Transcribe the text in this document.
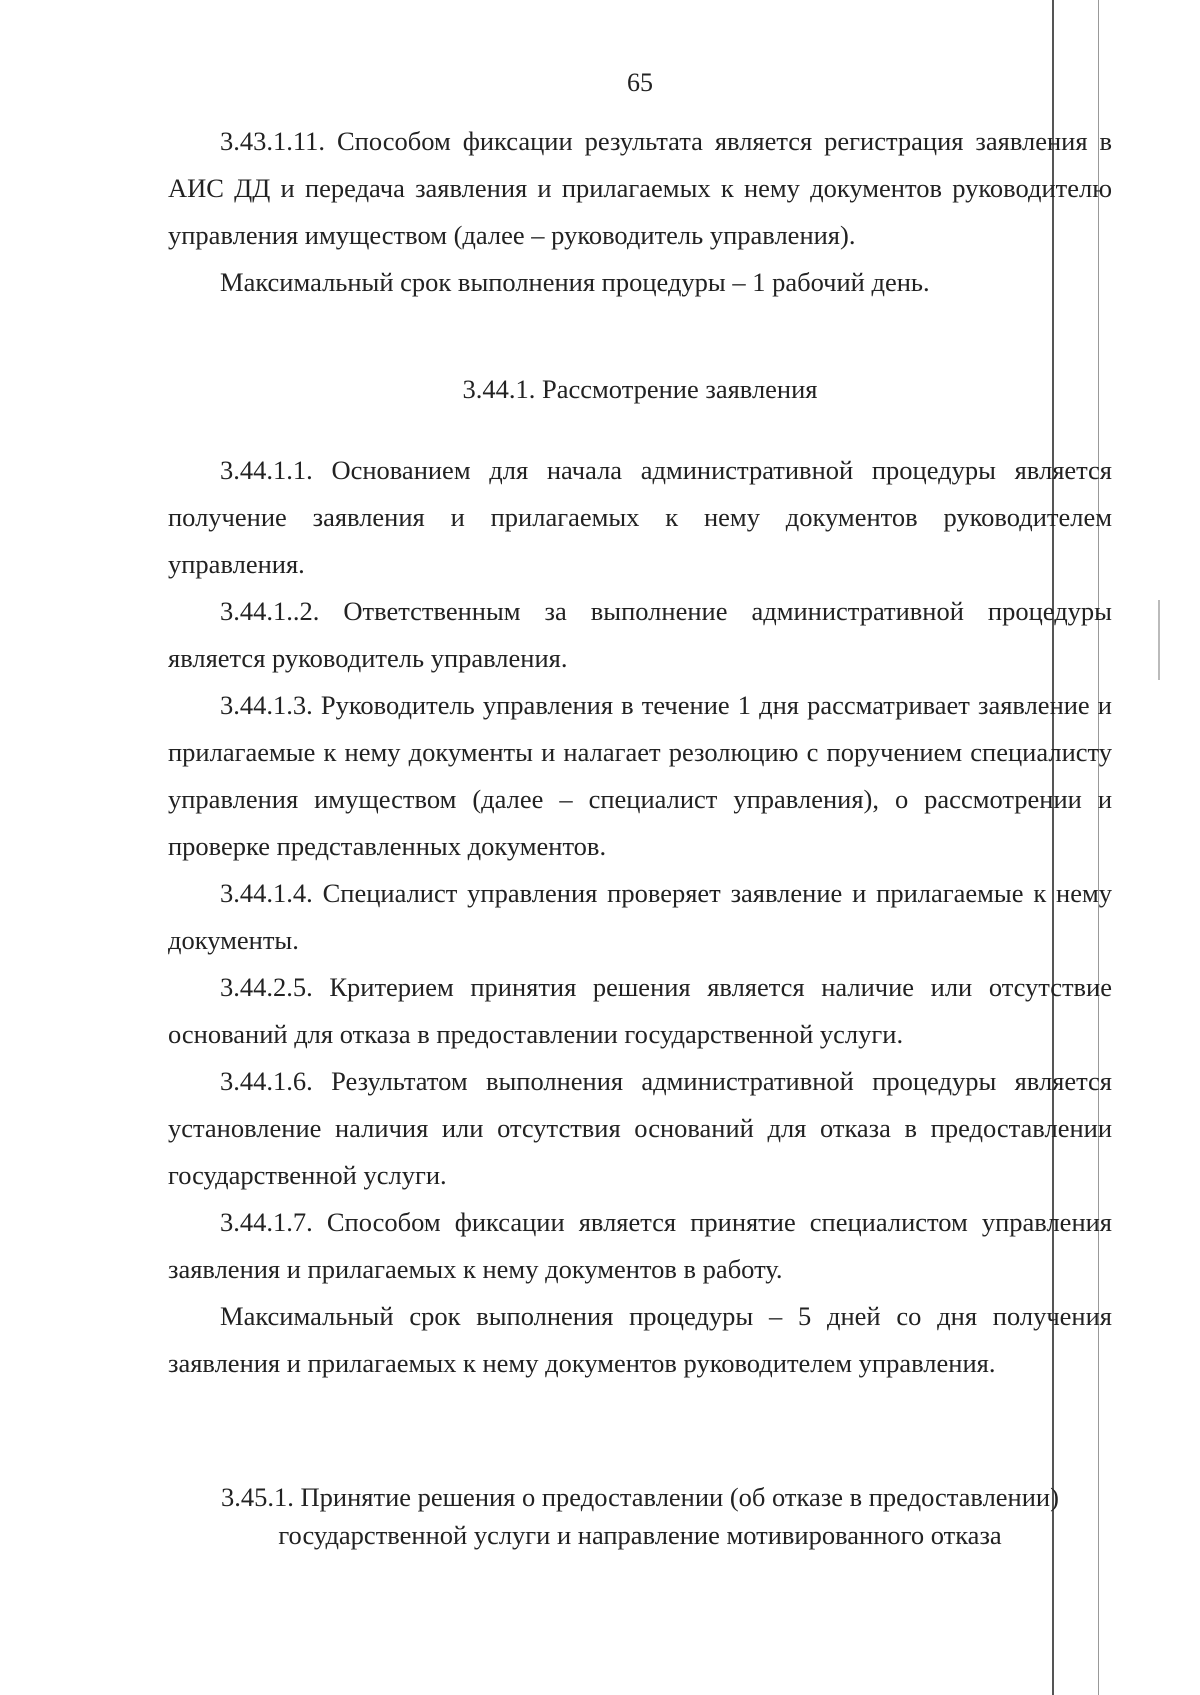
65

3.43.1.11. Способом фиксации результата является регистрация заявления в АИС ДД и передача заявления и прилагаемых к нему документов руководителю управления имуществом (далее – руководитель управления).

Максимальный срок выполнения процедуры – 1 рабочий день.

3.44.1. Рассмотрение заявления

3.44.1.1. Основанием для начала административной процедуры является получение заявления и прилагаемых к нему документов руководителем управления.

3.44.1..2. Ответственным за выполнение административной процедуры является руководитель управления.

3.44.1.3. Руководитель управления в течение 1 дня рассматривает заявление и прилагаемые к нему документы и налагает резолюцию с поручением специалисту управления имуществом (далее – специалист управления), о рассмотрении и проверке представленных документов.

3.44.1.4. Специалист управления проверяет заявление и прилагаемые к нему документы.

3.44.2.5. Критерием принятия решения является наличие или отсутствие оснований для отказа в предоставлении государственной услуги.

3.44.1.6. Результатом выполнения административной процедуры является установление наличия или отсутствия оснований для отказа в предоставлении государственной услуги.

3.44.1.7. Способом фиксации является принятие специалистом управления заявления и прилагаемых к нему документов в работу.

Максимальный срок выполнения процедуры – 5 дней со дня получения заявления и прилагаемых к нему документов руководителем управления.

3.45.1. Принятие решения о предоставлении (об отказе в предоставлении)
государственной услуги и направление мотивированного отказа
